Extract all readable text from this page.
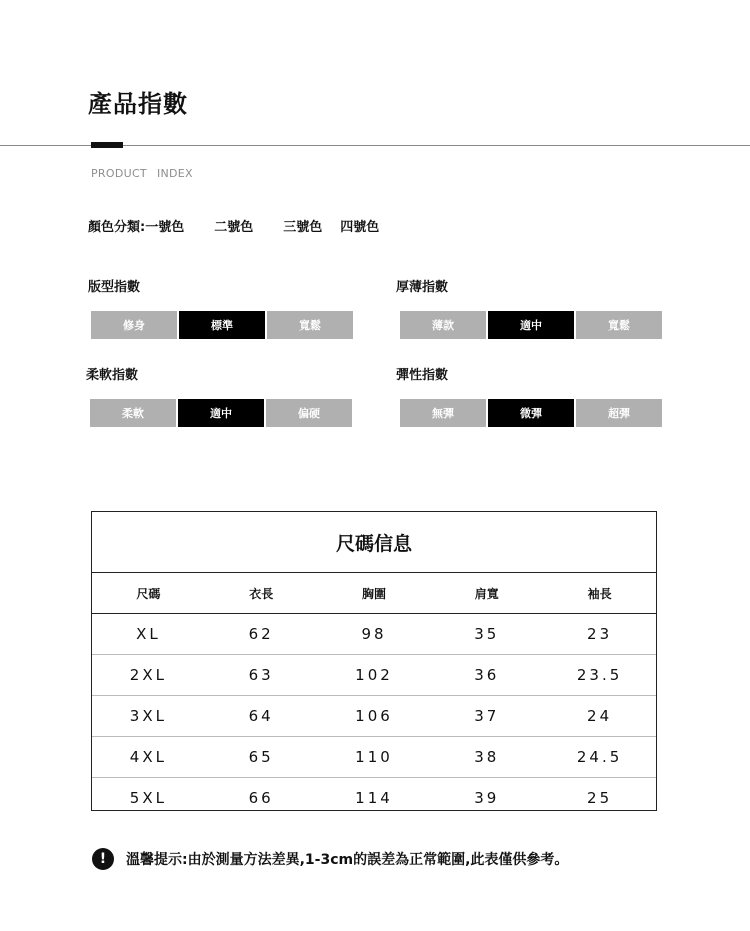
產品指數
PRODUCT INDEX
顏色分類:一號色 二號色 三號色 四號色
版型指數
修身	標準	寬鬆
厚薄指數
薄款	適中	寬鬆
柔軟指數
柔軟	適中	偏硬
彈性指數
無彈	微彈	超彈
尺碼信息
尺碼	衣長	胸圍	肩寬	袖長
XL	62	98	35	23
2XL	63	102	36	23.5
3XL	64	106	37	24
4XL	65	110	38	24.5
5XL	66	114	39	25
!	溫馨提示:由於測量方法差異,1-3cm的誤差為正常範圍,此表僅供參考。
